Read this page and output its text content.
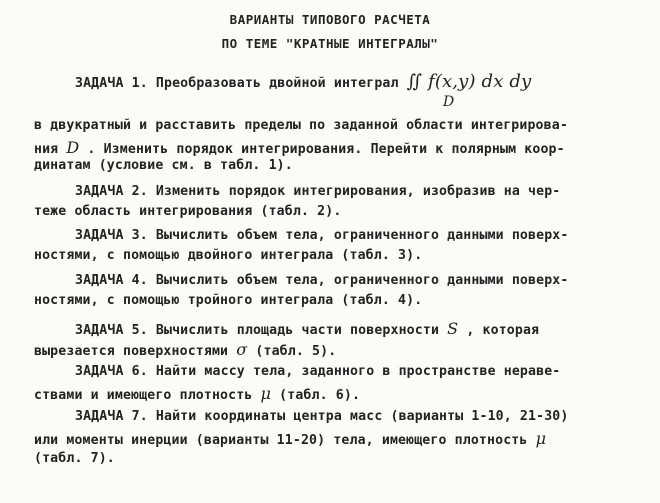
ВАРИАНТЫ ТИПОВОГО РАСЧЕТА
ПО ТЕМЕ "КРАТНЫЕ ИНТЕГРАЛЫ"
ЗАДАЧА 1. Преобразовать двойной интеграл ∬ f(x,y) dx dy
D
в двукратный и расставить пределы по заданной области интегрирова-
ния D . Изменить порядок интегрирования. Перейти к полярным коор-
динатам (условие см. в табл. 1).
ЗАДАЧА 2. Изменить порядок интегрирования, изобразив на чер-
теже область интегрирования (табл. 2).
ЗАДАЧА 3. Вычислить объем тела, ограниченного данными поверх-
ностями, с помощью двойного интеграла (табл. 3).
ЗАДАЧА 4. Вычислить объем тела, ограниченного данными поверх-
ностями, с помощью тройного интеграла (табл. 4).
ЗАДАЧА 5. Вычислить площадь части поверхности S , которая
вырезается поверхностями σ (табл. 5).
ЗАДАЧА 6. Найти массу тела, заданного в пространстве нераве-
ствами и имеющего плотность μ (табл. 6).
ЗАДАЧА 7. Найти координаты центра масс (варианты 1-10, 21-30)
или моменты инерции (варианты 11-20) тела, имеющего плотность μ
(табл. 7).
